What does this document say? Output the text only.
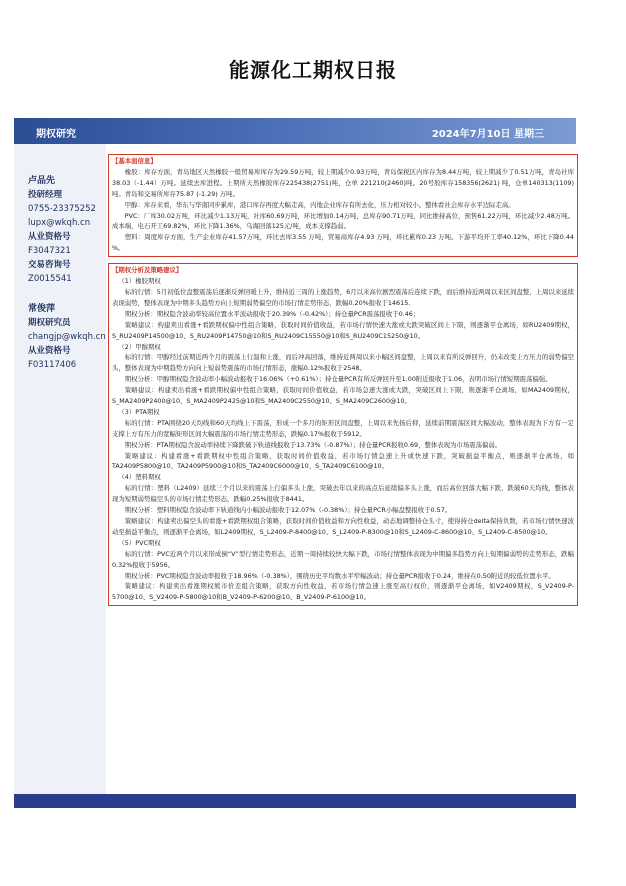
能源化工期权日报
期权研究	2024年7月10日 星期三
卢品先
投研经理
0755-23375252
lupx@wkqh.cn
从业资格号
F3047321
交易咨询号
Z0015541
常俊萍
期权研究员
changjp@wkqh.cn
从业资格号
F03117406
【基本面信息】

橡胶：库存方面，青岛地区天然橡胶一般贸易库库存为29.59万吨，较上期减少0.93万吨，青岛保税区内库存为8.44万吨，较上期减少了0.51万吨，青岛社库38.03（-1.44）万吨。延续去库进程。上期所天然橡胶库存225438(2751)吨，仓单 221210(2460)吨。20号胶库存158356(2621) 吨，仓单140313(1109)吨。青岛和交易所库存75.87 (-1.29) 万吨。

甲醇：库存来看，华东与华南同步累库，港口库存再度大幅走高，内地企业库存有所去化，压力相对较小。整体看社会库存水平边际走高。

PVC：厂库30.02万吨，环比减少1.13万吨，社库60.69万吨，环比增加0.14万吨，总库存90.71万吨，同比维持高位，预售61.22万吨，环比减少2.48万吨。成本端，电石开工69.82%，环比下降1.36%，乌海回落125元/吨，成本支撑趋弱。

塑料：周度库存方面，生产企业库存41.57万吨，环比去库3.55 万吨，贸易商库存4.93 万吨，环比累库0.23 万吨。下游平均开工率40.12%，环比下降0.44 %。

【期权分析及策略建议】
（1）橡胶期权

标的行情：5月初低位盘整震荡后逐渐反弹回暖上升，维持近三周的上涨趋势，6月以来高位剧烈震荡后连续下跌，而后维持近两周以来区间盘整，上周以来延续表现弱势，整体表现为中期多头趋势方向上短期弱势偏空的市场行情走势形态，跌幅0.20%报收于14615.

期权分析：期权隐含波动率较高位置水平波动报收于20.39%（-0.42%）；持仓量PCR震荡报收于0.46；

策略建议：构建卖出看涨+看跌期权偏中性组合策略，获取时间价值收益，若市场行情快速大涨或大跌突破区间上下限，则逐渐平仓离场，如RU2409期权，S_RU2409P14500@10、S_RU2409P14750@10和S_RU2409C15550@10和S_RU2409C15250@10。

（2）甲醇期权

标的行情：甲醇经过前期近两个月的震荡上行温和上涨，而后冲高回落，维持近两周以来小幅区间盘整，上周以来有所反弹回升，仍未改变上方压力的弱势偏空头，整体表现为中期趋势方向向上短弱势震荡的市场行情形态，涨幅0.12%报收于2548。

期权分析：甲醇期权隐含波动率小幅波动报收于16.06%（+0.61%）；持仓量PCR有所反弹回升至1.00附近报收于1.06，表明市场行情短期震荡偏强。

策略建议：构建卖出看涨+看跌期权偏中性组合策略，获取时间价值收益，若市场急速大涨或大跌，突破区间上下限，则逐渐平仓离场，如MA2409期权，S_MA2409P2400@10、S_MA2409P2425@10和S_MA2409C2550@10、S_MA2409C2600@10。

（3）PTA期权

标的行情：PTA围绕20天均线和60天均线上下震荡，形成一个多月的矩形区间盘整，上周以来先扬后抑，延续前期震荡区间大幅波动，整体表现为下方有一定支撑上方有压力的宽幅矩形区间大幅震荡的市场行情走势形态，跌幅0.17%报收于5912。

期权分析：PTA期权隐含波动率持续下降跌破下轨道线报收于13.73%（-0.87%）；持仓量PCR报收0.69，整体表现为市场震荡偏弱。

策略建议：构建看涨+看跌期权中性组合策略，获取时间价值收益，若市场行情急速上升或快速下跌，突破损益平衡点，则逐渐平仓离场，如TA2409P5800@10、TA2409P5900@10和S_TA2409C6000@10、S_TA2409C6100@10。

（4）塑料期权

标的行情：塑料（L2409）延续三个月以来的震荡上行偏多头上涨，突破去年以来的高点后延续偏多头上涨，而后高位回落大幅下跌，跌破60天均线，整体表现为短期弱势偏空头的市场行情走势形态，跌幅0.25%报收于8441。

期权分析：塑料期权隐含波动率下轨道线内小幅波动报收于12.07%（-0.38%）；持仓量PCR小幅盘整报收于0.57。

策略建议：构建卖出偏空头的看涨+看跌期权组合策略，获取时间价值收益和方向性收益，动态地调整持仓头寸，使得持仓delta保持负数，若市场行情快速波动至损益平衡点，则逐渐平仓离场，如L2409期权，S_L2409-P-8400@10、S_L2409-P-8300@10和S_L2409-C-8600@10、S_L2409-C-8500@10。

（5）PVC期权

标的行情：PVC近两个月以来形成倒“V”型行情走势形态，近期一周持续较快大幅下跌，市场行情整体表现为中期偏多趋势方向上短期偏弱势的走势形态，跌幅0.32%报收于5956。

期权分析：PVC期权隐含波动率报收于18.96%（-0.38%），围绕历史平均数水平窄幅波动；持仓量PCR报收于0.24，维持在0.50附近的较低位置水平。

策略建议：构建卖出看涨期权熊市价差组合策略，获取方向性收益，若市场行情急速上涨至高行权价，则逐渐平仓离场，如V2409期权，S_V2409-P-5700@10、S_V2409-P-5800@10和B_V2409-P-6200@10、B_V2409-P-6100@10。
